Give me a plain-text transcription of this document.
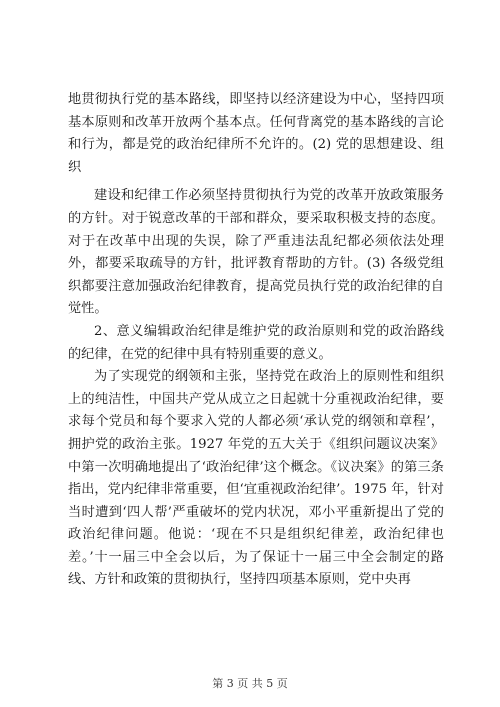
地贯彻执行党的基本路线，即坚持以经济建设为中心，坚持四项基本原则和改革开放两个基本点。任何背离党的基本路线的言论和行为，都是党的政治纪律所不允许的。(2) 党的思想建设、组织

建设和纪律工作必须坚持贯彻执行为党的改革开放政策服务的方针。对于锐意改革的干部和群众，要采取积极支持的态度。对于在改革中出现的失误，除了严重违法乱纪都必须依法处理外，都要采取疏导的方针，批评教育帮助的方针。(3) 各级党组织都要注意加强政治纪律教育，提高党员执行党的政治纪律的自觉性。

2、意义编辑政治纪律是维护党的政治原则和党的政治路线的纪律，在党的纪律中具有特别重要的意义。

为了实现党的纲领和主张，坚持党在政治上的原则性和组织上的纯洁性，中国共产党从成立之日起就十分重视政治纪律，要求每个党员和每个要求入党的人都必须‘承认党的纲领和章程’，拥护党的政治主张。1927 年党的五大关于《组织问题议决案》中第一次明确地提出了‘政治纪律’这个概念。《议决案》的第三条指出，党内纪律非常重要，但‘宜重视政治纪律’。1975 年，针对当时遭到‘四人帮’严重破坏的党内状况，邓小平重新提出了党的政治纪律问题。他说：‘现在不只是组织纪律差，政治纪律也差。’十一届三中全会以后，为了保证十一届三中全会制定的路线、方针和政策的贯彻执行，坚持四项基本原则，党中央再

第 3 页 共 5 页
